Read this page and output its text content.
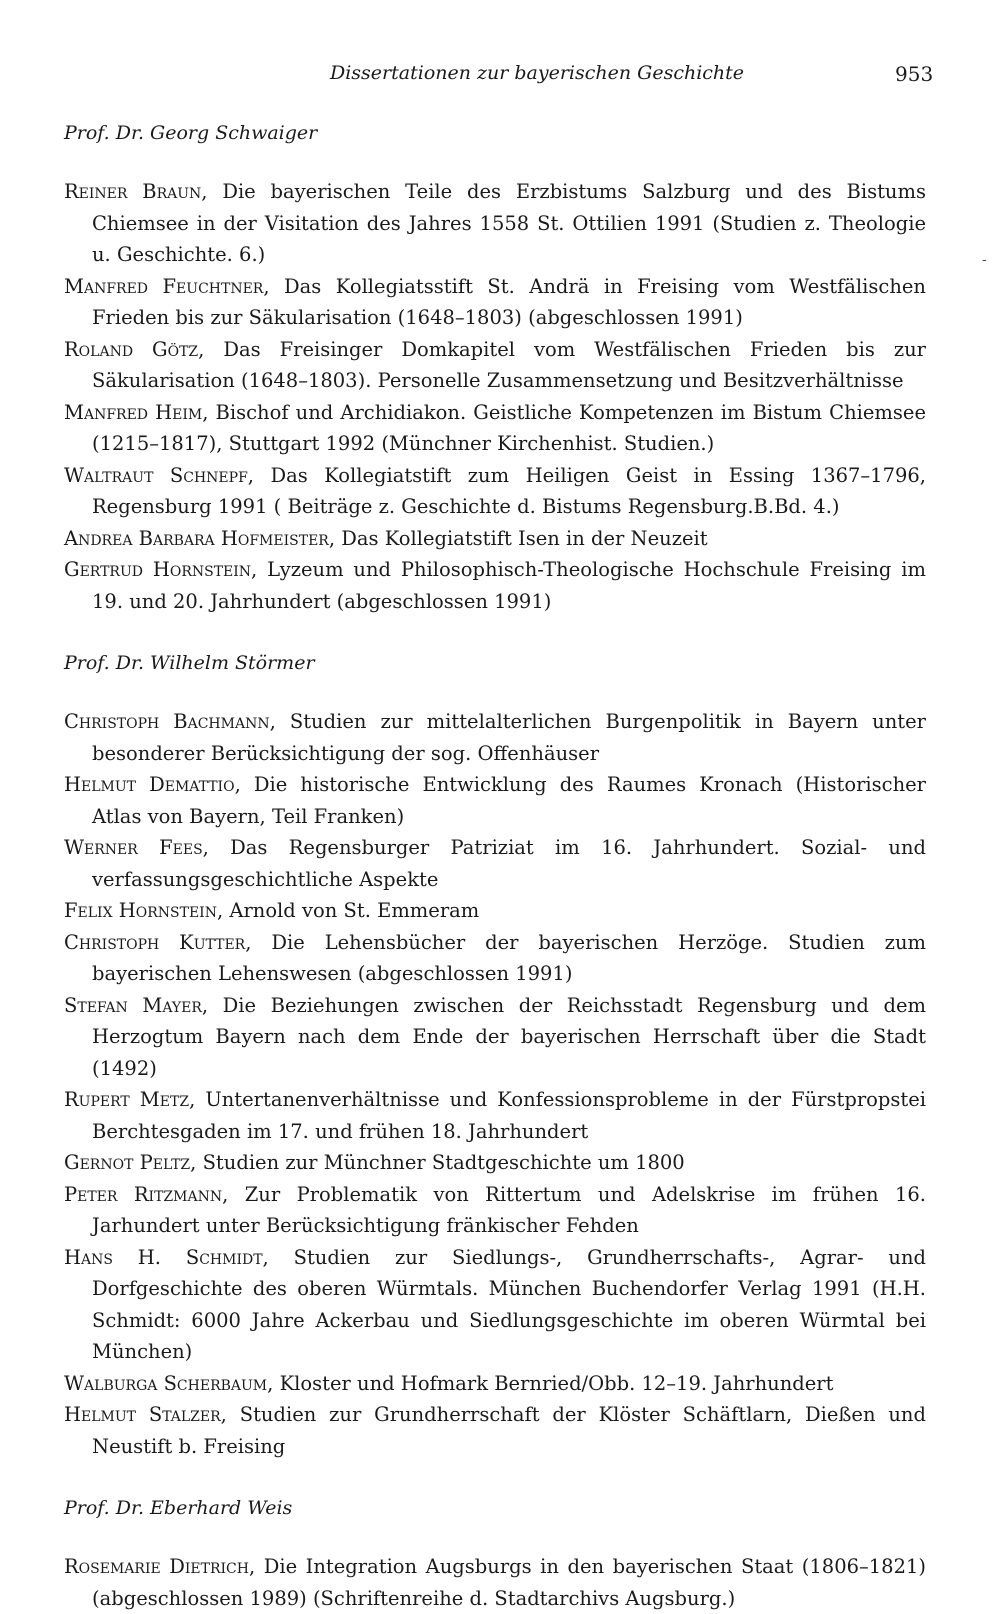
Dissertationen zur bayerischen Geschichte	953
-

Prof. Dr. Georg Schwaiger

Reiner Braun, Die bayerischen Teile des Erzbistums Salzburg und des Bistums Chiemsee in der Visitation des Jahres 1558 St. Ottilien 1991 (Studien z. Theologie u. Geschichte. 6.)

Manfred Feuchtner, Das Kollegiatsstift St. Andrä in Freising vom Westfälischen Frieden bis zur Säkularisation (1648–1803) (abgeschlossen 1991)

Roland Götz, Das Freisinger Domkapitel vom Westfälischen Frieden bis zur Säkularisation (1648–1803). Personelle Zusammensetzung und Besitzverhältnisse

Manfred Heim, Bischof und Archidiakon. Geistliche Kompetenzen im Bistum Chiemsee (1215–1817), Stuttgart 1992 (Münchner Kirchenhist. Studien.)

Waltraut Schnepf, Das Kollegiatstift zum Heiligen Geist in Essing 1367–1796, Regensburg 1991 ( Beiträge z. Geschichte d. Bistums Regensburg.B.Bd. 4.)

Andrea Barbara Hofmeister, Das Kollegiatstift Isen in der Neuzeit

Gertrud Hornstein, Lyzeum und Philosophisch-Theologische Hochschule Freising im 19. und 20. Jahrhundert (abgeschlossen 1991)

Prof. Dr. Wilhelm Störmer

Christoph Bachmann, Studien zur mittelalterlichen Burgenpolitik in Bayern unter besonderer Berücksichtigung der sog. Offenhäuser

Helmut Demattio, Die historische Entwicklung des Raumes Kronach (Historischer Atlas von Bayern, Teil Franken)

Werner Fees, Das Regensburger Patriziat im 16. Jahrhundert. Sozial- und verfassungsgeschichtliche Aspekte

Felix Hornstein, Arnold von St. Emmeram

Christoph Kutter, Die Lehensbücher der bayerischen Herzöge. Studien zum bayerischen Lehenswesen (abgeschlossen 1991)

Stefan Mayer, Die Beziehungen zwischen der Reichsstadt Regensburg und dem Herzogtum Bayern nach dem Ende der bayerischen Herrschaft über die Stadt (1492)

Rupert Metz, Untertanenverhältnisse und Konfessionsprobleme in der Fürstpropstei Berchtesgaden im 17. und frühen 18. Jahrhundert

Gernot Peltz, Studien zur Münchner Stadtgeschichte um 1800

Peter Ritzmann, Zur Problematik von Rittertum und Adelskrise im frühen 16. Jarhundert unter Berücksichtigung fränkischer Fehden

Hans H. Schmidt, Studien zur Siedlungs-, Grundherrschafts-, Agrar- und Dorfgeschichte des oberen Würmtals. München Buchendorfer Verlag 1991 (H.H. Schmidt: 6000 Jahre Ackerbau und Siedlungsgeschichte im oberen Würmtal bei München)

Walburga Scherbaum, Kloster und Hofmark Bernried/Obb. 12–19. Jahrhundert

Helmut Stalzer, Studien zur Grundherrschaft der Klöster Schäftlarn, Dießen und Neustift b. Freising

Prof. Dr. Eberhard Weis

Rosemarie Dietrich, Die Integration Augsburgs in den bayerischen Staat (1806–1821) (abgeschlossen 1989) (Schriftenreihe d. Stadtarchivs Augsburg.)
